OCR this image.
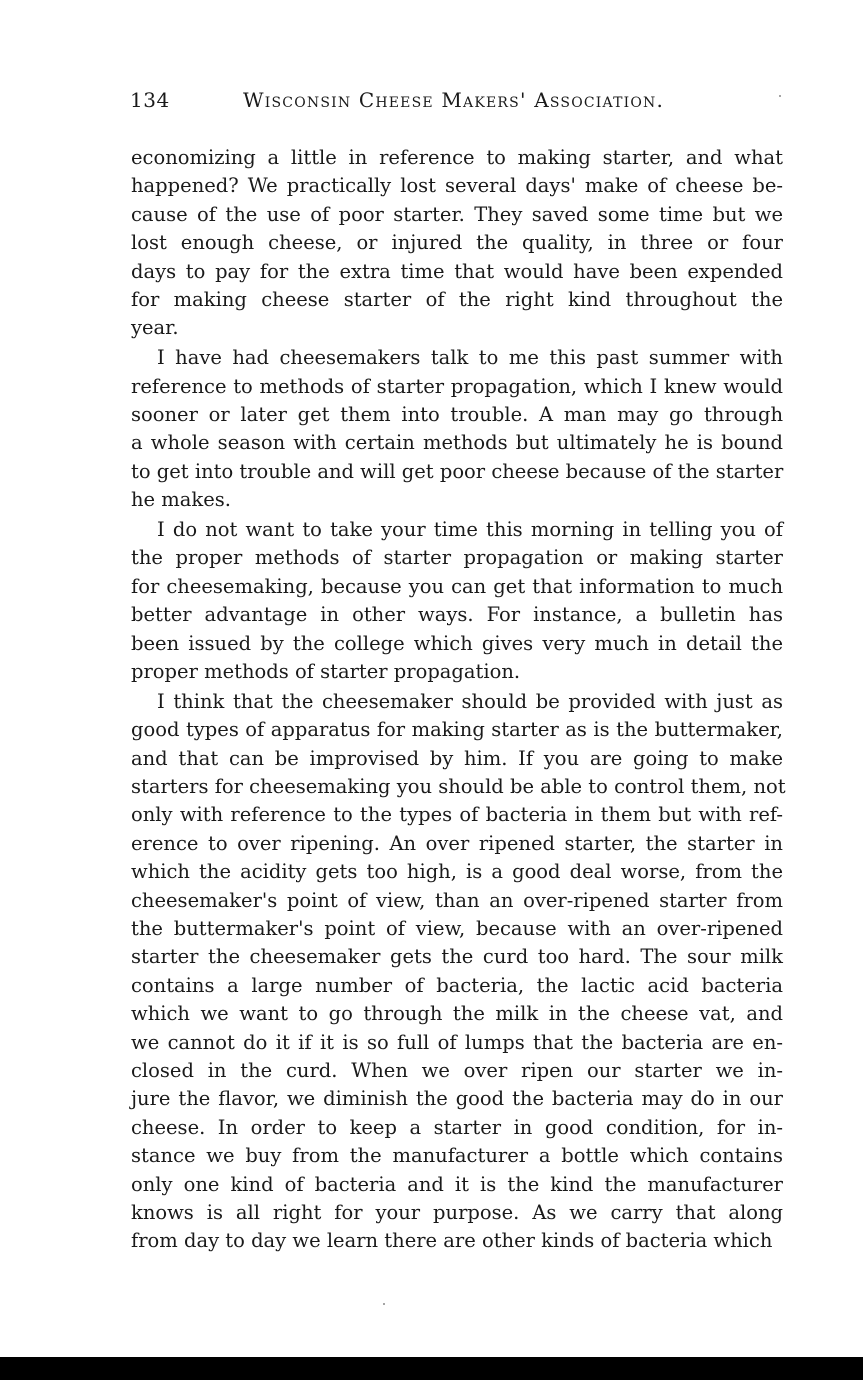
134	Wisconsin Cheese Makers' Association.
economizing a little in reference to making starter, and what
happened? We practically lost several days' make of cheese be-
cause of the use of poor starter. They saved some time but we
lost enough cheese, or injured the quality, in three or four
days to pay for the extra time that would have been expended
for making cheese starter of the right kind throughout the
year.
I have had cheesemakers talk to me this past summer with
reference to methods of starter propagation, which I knew would
sooner or later get them into trouble. A man may go through
a whole season with certain methods but ultimately he is bound
to get into trouble and will get poor cheese because of the starter
he makes.
I do not want to take your time this morning in telling you of
the proper methods of starter propagation or making starter
for cheesemaking, because you can get that information to much
better advantage in other ways. For instance, a bulletin has
been issued by the college which gives very much in detail the
proper methods of starter propagation.
I think that the cheesemaker should be provided with just as
good types of apparatus for making starter as is the buttermaker,
and that can be improvised by him. If you are going to make
starters for cheesemaking you should be able to control them, not
only with reference to the types of bacteria in them but with ref-
erence to over ripening. An over ripened starter, the starter in
which the acidity gets too high, is a good deal worse, from the
cheesemaker's point of view, than an over-ripened starter from
the buttermaker's point of view, because with an over-ripened
starter the cheesemaker gets the curd too hard. The sour milk
contains a large number of bacteria, the lactic acid bacteria
which we want to go through the milk in the cheese vat, and
we cannot do it if it is so full of lumps that the bacteria are en-
closed in the curd. When we over ripen our starter we in-
jure the flavor, we diminish the good the bacteria may do in our
cheese. In order to keep a starter in good condition, for in-
stance we buy from the manufacturer a bottle which contains
only one kind of bacteria and it is the kind the manufacturer
knows is all right for your purpose. As we carry that along
from day to day we learn there are other kinds of bacteria which
